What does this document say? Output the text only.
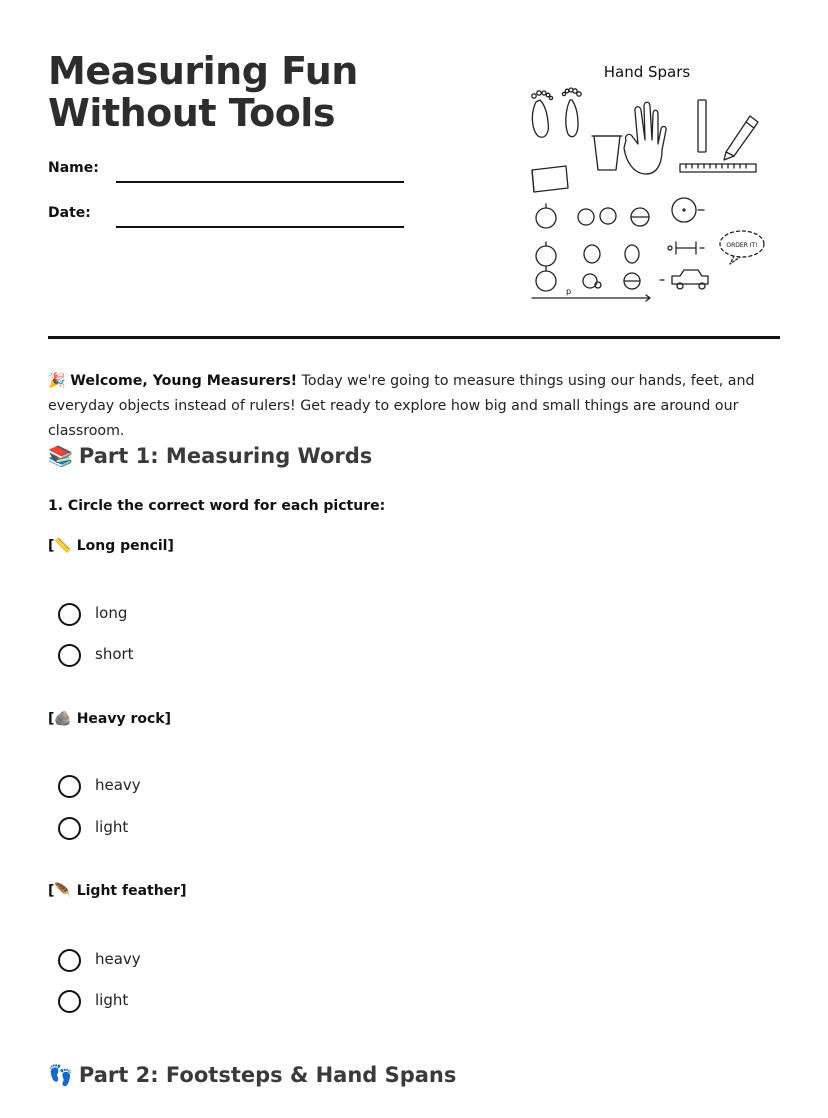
Measuring Fun Without Tools
Name:
Date:
Hand Spars
ORDER IT!
p

🎉 Welcome, Young Measurers! Today we're going to measure things using our hands, feet, and everyday objects instead of rulers! Get ready to explore how big and small things are around our classroom.

📚 Part 1: Measuring Words
1. Circle the correct word for each picture:
[📏 Long pencil]
long
short
[🪨 Heavy rock]
heavy
light
[🪶 Light feather]
heavy
light
👣 Part 2: Footsteps & Hand Spans
